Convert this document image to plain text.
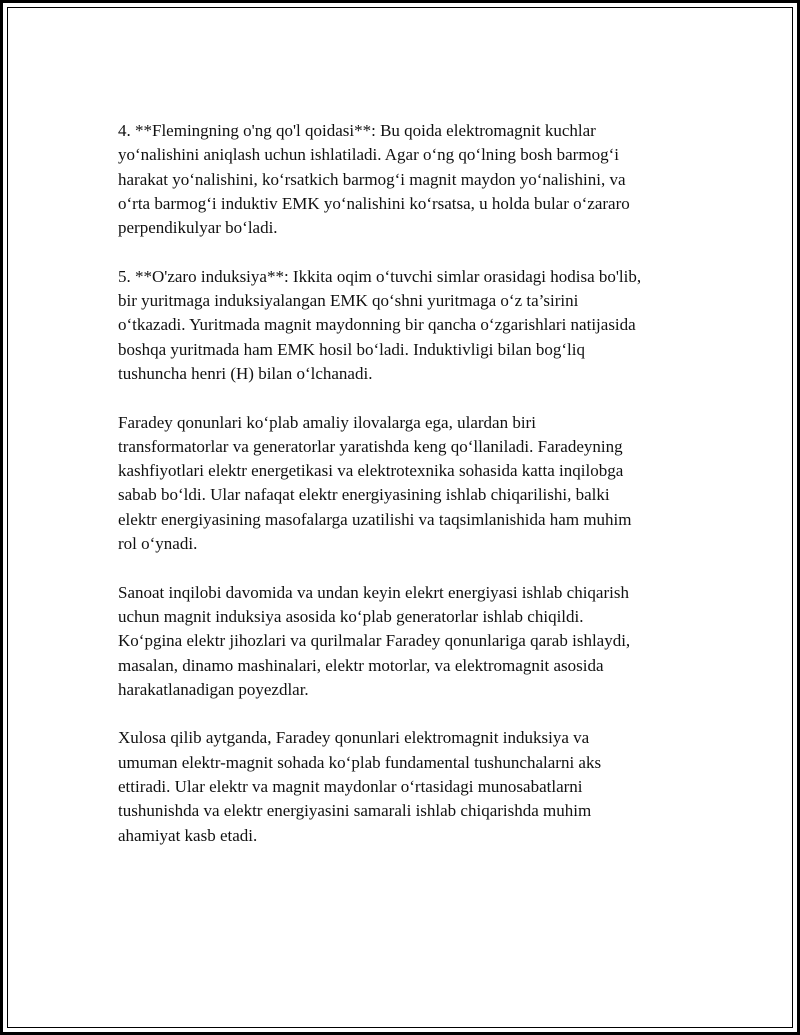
4. **Flemingning o'ng qo'l qoidasi**: Bu qoida elektromagnit kuchlar
yo‘nalishini aniqlash uchun ishlatiladi. Agar o‘ng qo‘lning bosh barmog‘i
harakat yo‘nalishini, ko‘rsatkich barmog‘i magnit maydon yo‘nalishini, va
o‘rta barmog‘i induktiv EMK yo‘nalishini ko‘rsatsa, u holda bular o‘zararo
perpendikulyar bo‘ladi.

5. **O'zaro induksiya**: Ikkita oqim o‘tuvchi simlar orasidagi hodisa bo'lib,
bir yuritmaga induksiyalangan EMK qo‘shni yuritmaga o‘z ta’sirini
o‘tkazadi. Yuritmada magnit maydonning bir qancha o‘zgarishlari natijasida
boshqa yuritmada ham EMK hosil bo‘ladi. Induktivligi bilan bog‘liq
tushuncha henri (H) bilan o‘lchanadi.

Faradey qonunlari ko‘plab amaliy ilovalarga ega, ulardan biri
transformatorlar va generatorlar yaratishda keng qo‘llaniladi. Faradeyning
kashfiyotlari elektr energetikasi va elektrotexnika sohasida katta inqilobga
sabab bo‘ldi. Ular nafaqat elektr energiyasining ishlab chiqarilishi, balki
elektr energiyasining masofalarga uzatilishi va taqsimlanishida ham muhim
rol o‘ynadi.

Sanoat inqilobi davomida va undan keyin elekrt energiyasi ishlab chiqarish
uchun magnit induksiya asosida ko‘plab generatorlar ishlab chiqildi.
Ko‘pgina elektr jihozlari va qurilmalar Faradey qonunlariga qarab ishlaydi,
masalan, dinamo mashinalari, elektr motorlar, va elektromagnit asosida
harakatlanadigan poyezdlar.

Xulosa qilib aytganda, Faradey qonunlari elektromagnit induksiya va
umuman elektr-magnit sohada ko‘plab fundamental tushunchalarni aks
ettiradi. Ular elektr va magnit maydonlar o‘rtasidagi munosabatlarni
tushunishda va elektr energiyasini samarali ishlab chiqarishda muhim
ahamiyat kasb etadi.
